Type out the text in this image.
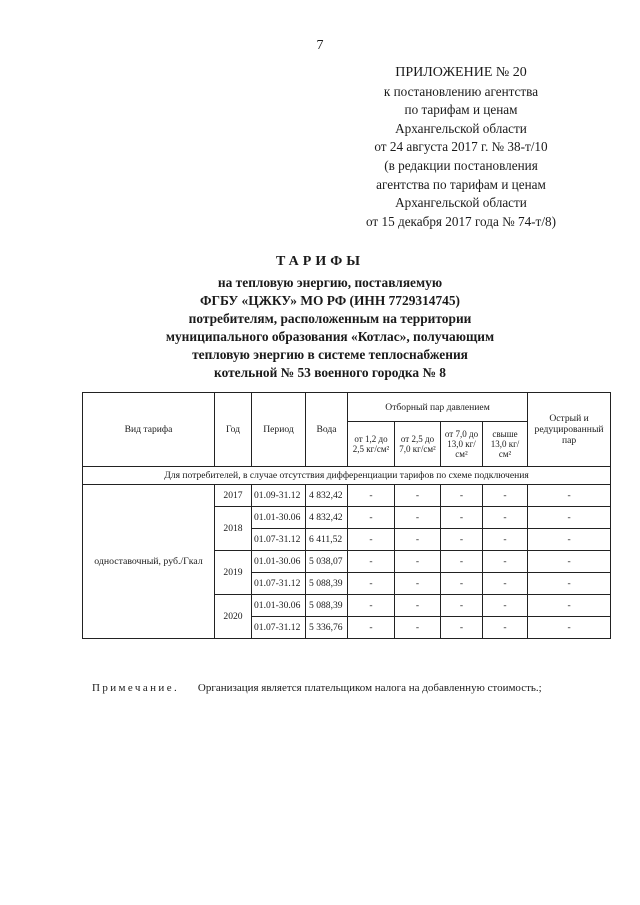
7
ПРИЛОЖЕНИЕ № 20
к постановлению агентства
по тарифам и ценам
Архангельской области
от 24 августа 2017 г. № 38-т/10
(в редакции постановления
агентства по тарифам и ценам
Архангельской области
от 15 декабря 2017 года № 74-т/8)
ТАРИФЫ
на тепловую энергию, поставляемую
ФГБУ «ЦЖКУ» МО РФ (ИНН 7729314745)
потребителям, расположенным на территории
муниципального образования «Котлас», получающим
тепловую энергию в системе теплоснабжения
котельной № 53 военного городка № 8
Вид тарифа	Год	Период	Вода	Отборный пар давлением				Острый и редуцированный пар
				от 1,2 до 2,5 кг/см²	от 2,5 до 7,0 кг/см²	от 7,0 до 13,0 кг/см²	свыше 13,0 кг/см²	
Для потребителей, в случае отсутствия дифференциации тарифов по схеме подключения								
одноставочный, руб./Гкал	2017	01.09-31.12	4 832,42	-	-	-	-	-
	2018	01.01-30.06	4 832,42	-	-	-	-	-
		01.07-31.12	6 411,52	-	-	-	-	-
	2019	01.01-30.06	5 038,07	-	-	-	-	-
		01.07-31.12	5 088,39	-	-	-	-	-
	2020	01.01-30.06	5 088,39	-	-	-	-	-
		01.07-31.12	5 336,76	-	-	-	-	-
Примечание. Организация является плательщиком налога на добавленную стоимость.;
